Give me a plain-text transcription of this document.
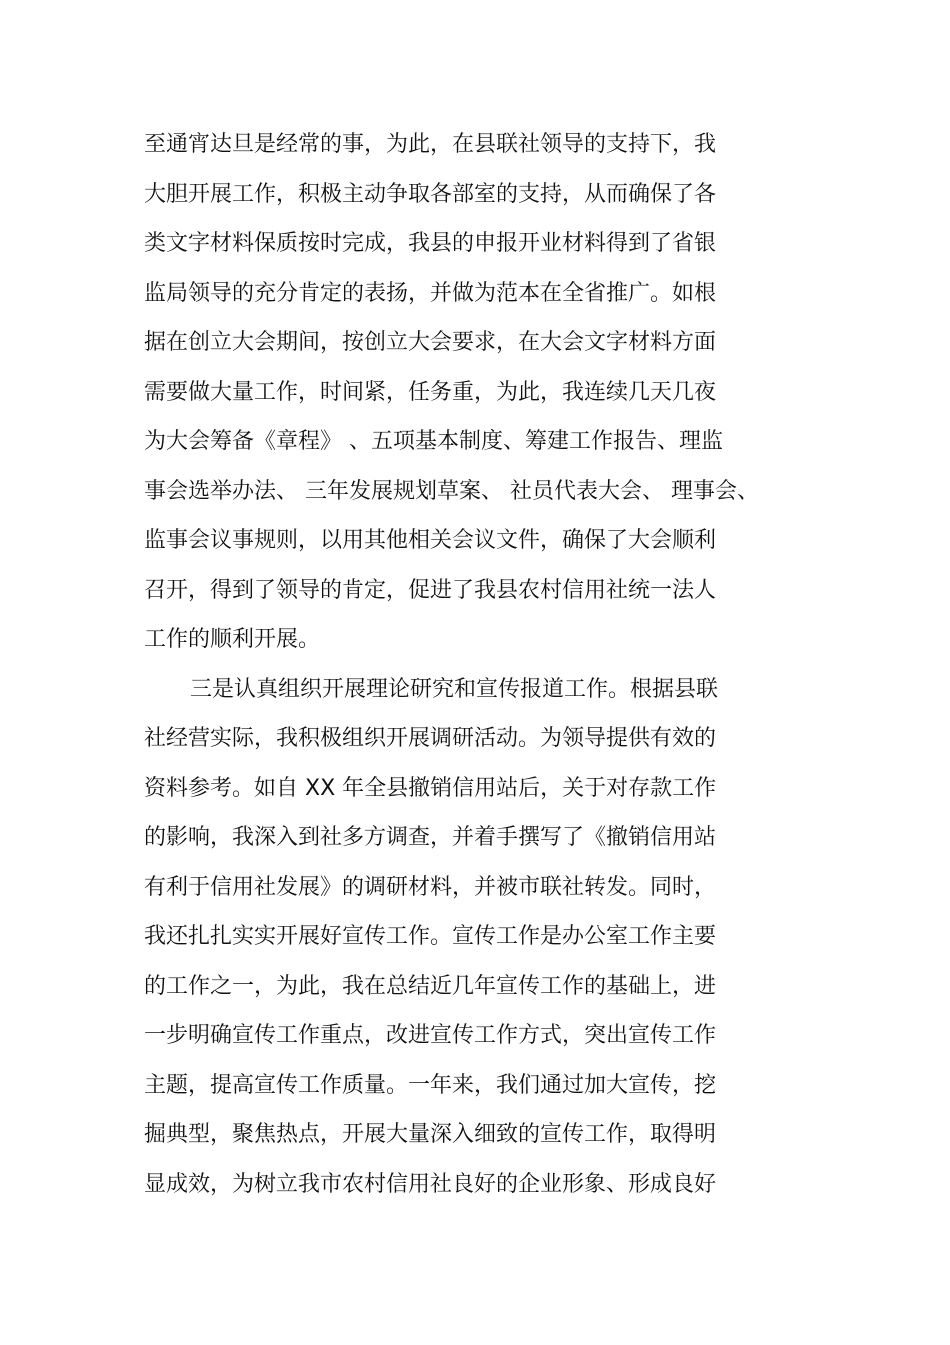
至通宵达旦是经常的事，为此，在县联社领导的支持下，我
大胆开展工作，积极主动争取各部室的支持，从而确保了各
类文字材料保质按时完成，我县的申报开业材料得到了省银
监局领导的充分肯定的表扬，并做为范本在全省推广。如根
据在创立大会期间，按创立大会要求，在大会文字材料方面
需要做大量工作，时间紧，任务重，为此，我连续几天几夜
为大会筹备《章程》 、五项基本制度、筹建工作报告、理监
事会选举办法、 三年发展规划草案、 社员代表大会、 理事会、
监事会议事规则，以用其他相关会议文件，确保了大会顺利
召开，得到了领导的肯定，促进了我县农村信用社统一法人
工作的顺利开展。
三是认真组织开展理论研究和宣传报道工作。根据县联
社经营实际，我积极组织开展调研活动。为领导提供有效的
资料参考。如自 XX 年全县撤销信用站后，关于对存款工作
的影响，我深入到社多方调查，并着手撰写了《撤销信用站
有利于信用社发展》的调研材料，并被市联社转发。同时，
我还扎扎实实开展好宣传工作。宣传工作是办公室工作主要
的工作之一，为此，我在总结近几年宣传工作的基础上，进
一步明确宣传工作重点，改进宣传工作方式，突出宣传工作
主题，提高宣传工作质量。一年来，我们通过加大宣传，挖
掘典型，聚焦热点，开展大量深入细致的宣传工作，取得明
显成效，为树立我市农村信用社良好的企业形象、形成良好
